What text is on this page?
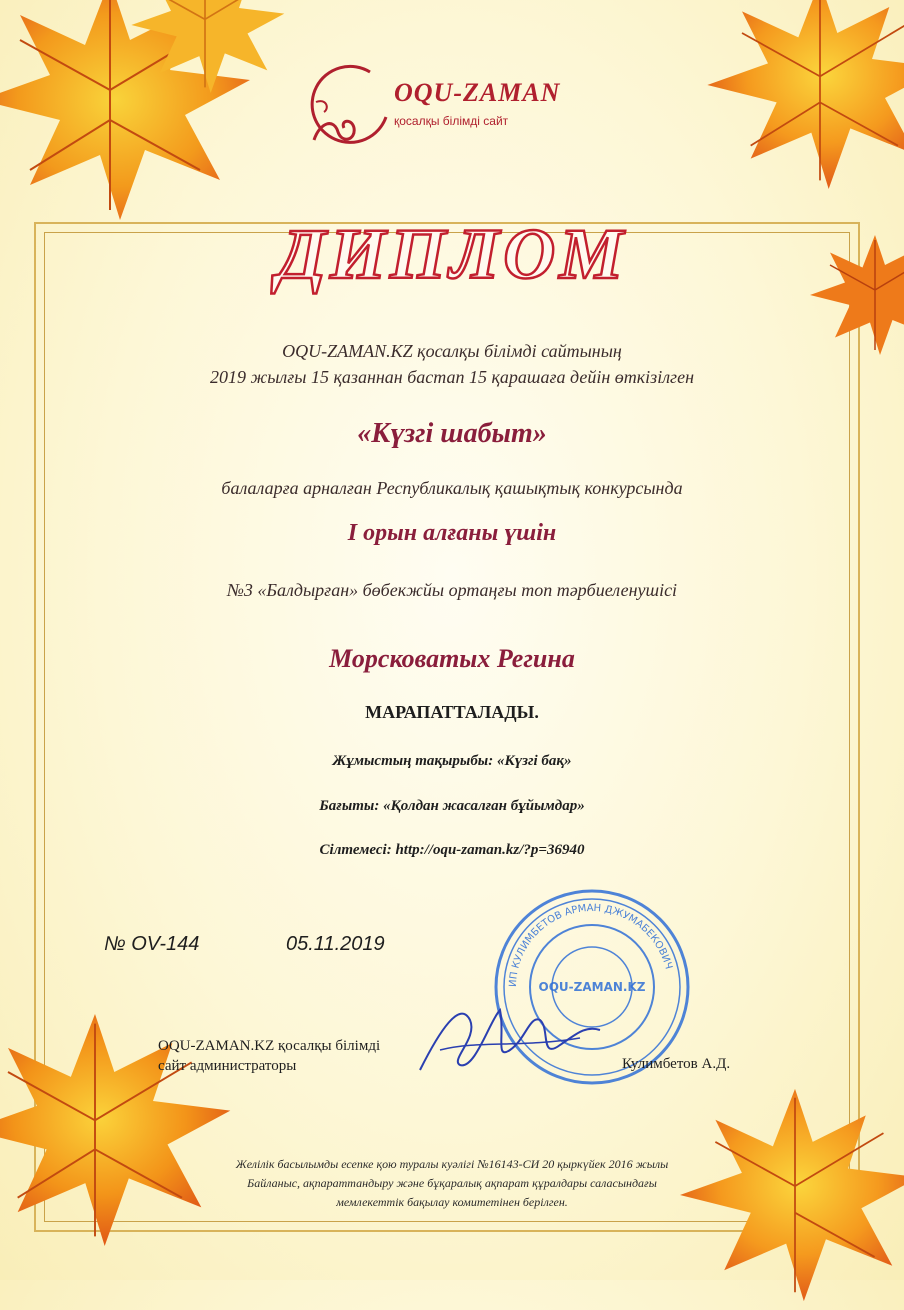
OQU-ZAMAN
қосалқы білімді сайт
ДИПЛОМ
OQU-ZAMAN.KZ қосалқы білімді сайтының
2019 жылғы 15 қазаннан бастап 15 қарашаға дейін өткізілген
«Күзгі шабыт»
балаларға арналған Республикалық қашықтық конкурсында
I орын алғаны үшін
№3 «Балдырған» бөбекжйы ортаңғы топ тәрбиеленушісі
Морсковатых Регина
МАРАПАТТАЛАДЫ.
Жұмыстың тақырыбы: «Күзгі бақ»
Бағыты: «Қолдан жасалған бұйымдар»
Сілтемесі: http://oqu-zaman.kz/?p=36940
№ OV-144	05.11.2019
ИП КУЛИМБЕТОВ АРМАН ДЖУМАБЕКОВИЧ
OQU-ZAMAN.KZ
OQU-ZAMAN.KZ қосалқы білімді
сайт администраторы	Кулимбетов А.Д.
Желілік басылымды есепке қою туралы куәлігі №16143-СИ 20 қыркүйек 2016 жылы
Байланыс, ақпараттандыру және бұқаралық ақпарат құралдары саласындағы
мемлекеттік бақылау комитетінен берілген.
